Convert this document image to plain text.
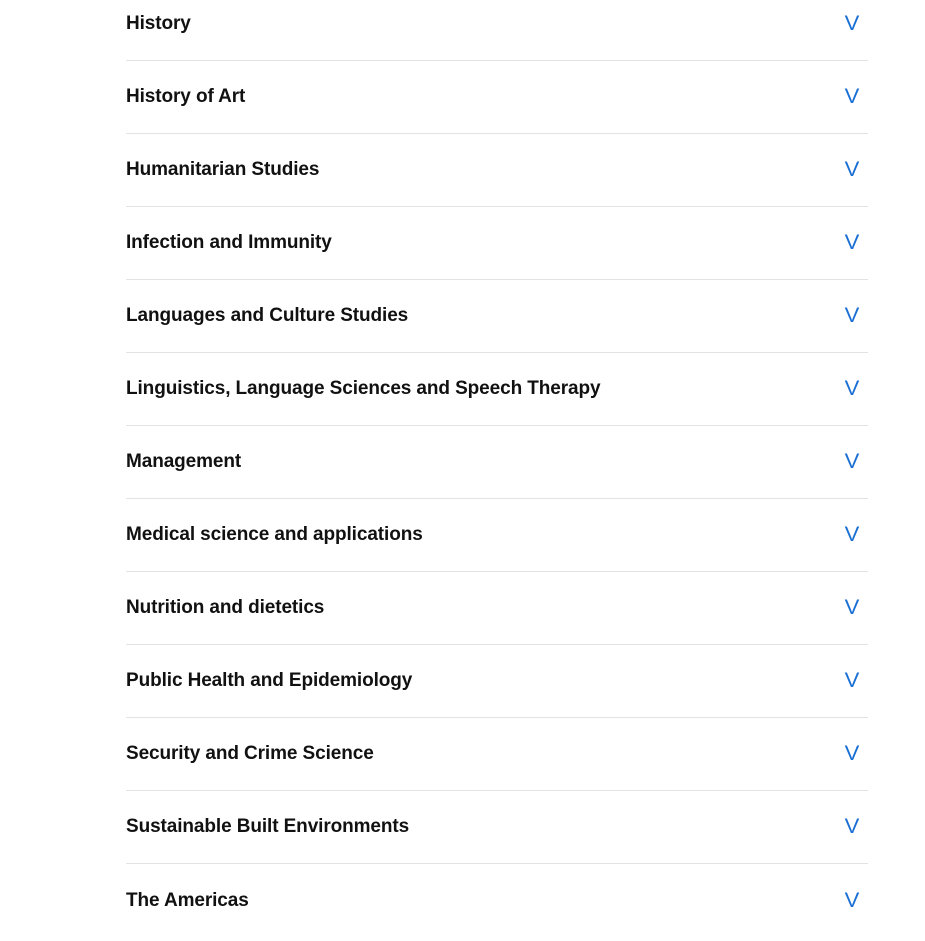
History	V
History of Art	V
Humanitarian Studies	V
Infection and Immunity	V
Languages and Culture Studies	V
Linguistics, Language Sciences and Speech Therapy	V
Management	V
Medical science and applications	V
Nutrition and dietetics	V
Public Health and Epidemiology	V
Security and Crime Science	V
Sustainable Built Environments	V
The Americas	V
